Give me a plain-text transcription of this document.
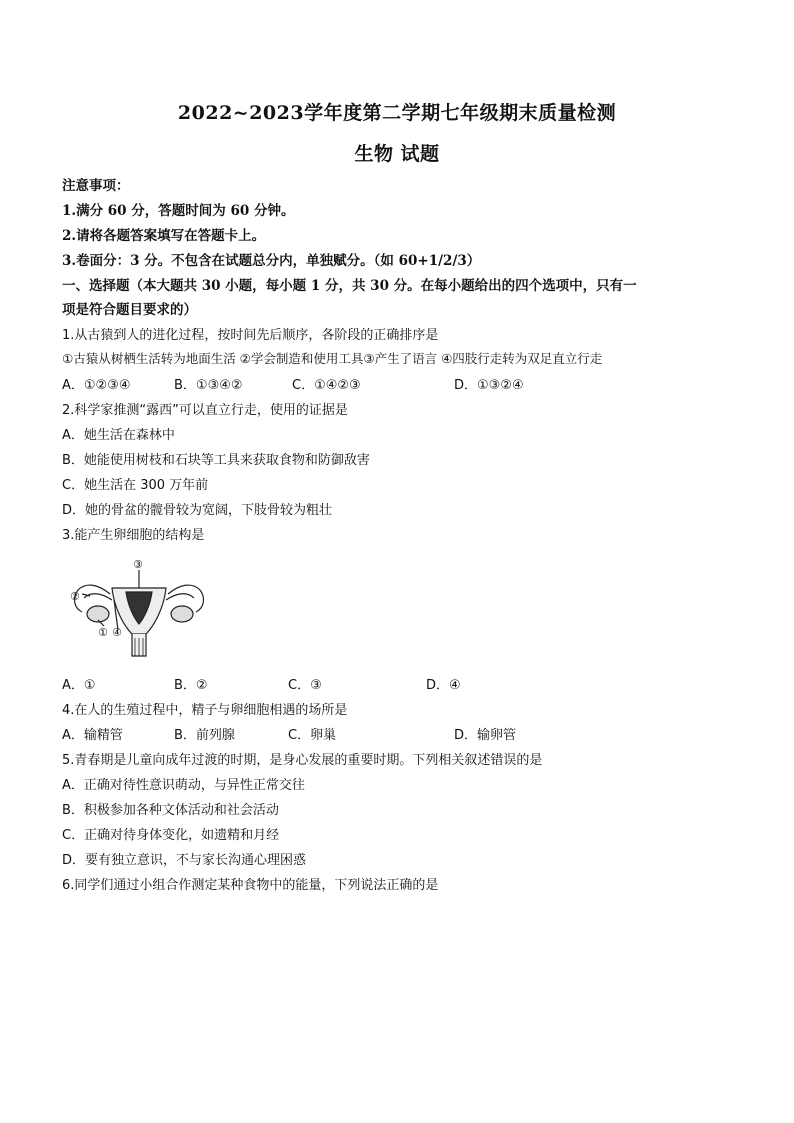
2022~2023学年度第二学期七年级期末质量检测
生物 试题
注意事项：
1.满分 60 分，答题时间为 60 分钟。
2.请将各题答案填写在答题卡上。
3.卷面分：3 分。不包含在试题总分内，单独赋分。（如 60+1/2/3）
一、选择题（本大题共 30 小题，每小题 1 分，共 30 分。在每小题给出的四个选项中，只有一
项是符合题目要求的）
1.从古猿到人的进化过程，按时间先后顺序，各阶段的正确排序是
①古猿从树栖生活转为地面生活 ②学会制造和使用工具③产生了语言 ④四肢行走转为双足直立行走
A．①②③④	B．①③④②	C．①④②③	D．①③②④
2.科学家推测“露西”可以直立行走，使用的证据是
A．她生活在森林中
B．她能使用树枝和石块等工具来获取食物和防御敌害
C．她生活在 300 万年前
D．她的骨盆的髋骨较为宽阔，下肢骨较为粗壮
3.能产生卵细胞的结构是
③
②
① ④
A．①	B．②	C．③	D．④
4.在人的生殖过程中，精子与卵细胞相遇的场所是
A．输精管	B．前列腺	C．卵巢	D．输卵管
5.青春期是儿童向成年过渡的时期，是身心发展的重要时期。下列相关叙述错误的是
A．正确对待性意识萌动，与异性正常交往
B．积极参加各种文体活动和社会活动
C．正确对待身体变化，如遗精和月经
D．要有独立意识，不与家长沟通心理困惑
6.同学们通过小组合作测定某种食物中的能量，下列说法正确的是
